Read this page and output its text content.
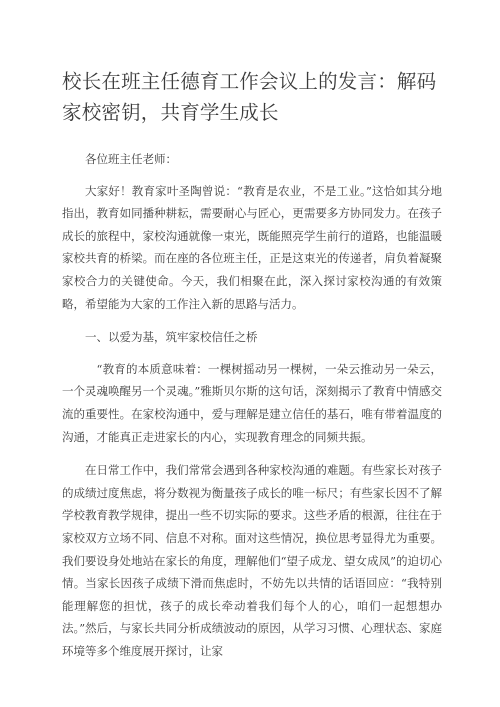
校长在班主任德育工作会议上的发言：解码家校密钥，共育学生成长

各位班主任老师：

大家好！教育家叶圣陶曾说：“教育是农业，不是工业。”这恰如其分地指出，教育如同播种耕耘，需要耐心与匠心，更需要多方协同发力。在孩子成长的旅程中，家校沟通就像一束光，既能照亮学生前行的道路，也能温暖家校共育的桥梁。而在座的各位班主任，正是这束光的传递者，肩负着凝聚家校合力的关键使命。今天，我们相聚在此，深入探讨家校沟通的有效策略，希望能为大家的工作注入新的思路与活力。

一、以爱为基，筑牢家校信任之桥

“教育的本质意味着：一棵树摇动另一棵树，一朵云推动另一朵云，一个灵魂唤醒另一个灵魂。”雅斯贝尔斯的这句话，深刻揭示了教育中情感交流的重要性。在家校沟通中，爱与理解是建立信任的基石，唯有带着温度的沟通，才能真正走进家长的内心，实现教育理念的同频共振。

在日常工作中，我们常常会遇到各种家校沟通的难题。有些家长对孩子的成绩过度焦虑，将分数视为衡量孩子成长的唯一标尺；有些家长因不了解学校教育教学规律，提出一些不切实际的要求。这些矛盾的根源，往往在于家校双方立场不同、信息不对称。面对这些情况，换位思考显得尤为重要。我们要设身处地站在家长的角度，理解他们“望子成龙、望女成凤”的迫切心情。当家长因孩子成绩下滑而焦虑时，不妨先以共情的话语回应：“我特别能理解您的担忧，孩子的成长牵动着我们每个人的心，咱们一起想想办法。”然后，与家长共同分析成绩波动的原因，从学习习惯、心理状态、家庭环境等多个维度展开探讨，让家
